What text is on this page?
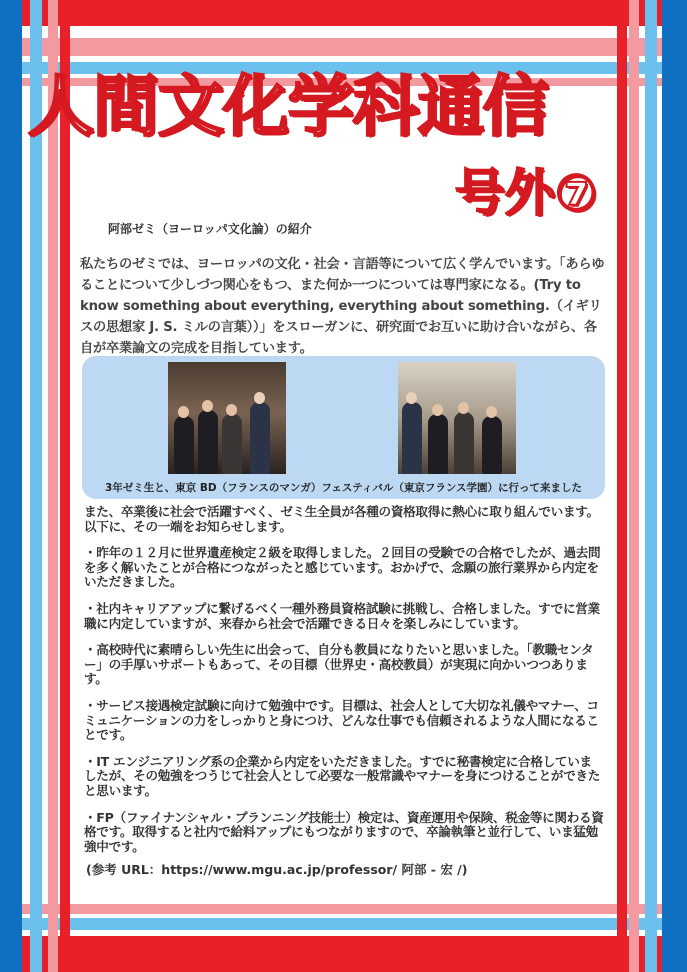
人間文化学科通信
号外⑦
阿部ゼミ（ヨーロッパ文化論）の紹介
私たちのゼミでは、ヨーロッパの文化・社会・言語等について広く学んでいます。「あらゆることについて少しづつ関心をもつ、また何か一つについては専門家になる。(Try to know something about everything, everything about something.（イギリスの思想家 J. S. ミルの言葉））」をスローガンに、研究面でお互いに助け合いながら、各自が卒業論文の完成を目指しています。
3年ゼミ生と、東京 BD（フランスのマンガ）フェスティバル（東京フランス学園）に行って来ました

また、卒業後に社会で活躍すべく、ゼミ生全員が各種の資格取得に熱心に取り組んでいます。以下に、その一端をお知らせします。

・昨年の１２月に世界遺産検定２級を取得しました。２回目の受験での合格でしたが、過去問を多く解いたことが合格につながったと感じています。おかげで、念願の旅行業界から内定をいただきました。

・社内キャリアアップに繋げるべく一種外務員資格試験に挑戦し、合格しました。すでに営業職に内定していますが、来春から社会で活躍できる日々を楽しみにしています。

・高校時代に素晴らしい先生に出会って、自分も教員になりたいと思いました。「教職センター」の手厚いサポートもあって、その目標（世界史・高校教員）が実現に向かいつつあります。

・サービス接遇検定試験に向けて勉強中です。目標は、社会人として大切な礼儀やマナー、コミュニケーションの力をしっかりと身につけ、どんな仕事でも信頼されるような人間になることです。

・IT エンジニアリング系の企業から内定をいただきました。すでに秘書検定に合格していましたが、その勉強をつうじて社会人として必要な一般常識やマナーを身につけることができたと思います。

・FP（ファイナンシャル・プランニング技能士）検定は、資産運用や保険、税金等に関わる資格です。取得すると社内で給料アップにもつながりますので、卒論執筆と並行して、いま猛勉強中です。

(参考 URL：https://www.mgu.ac.jp/professor/ 阿部 - 宏 /)
